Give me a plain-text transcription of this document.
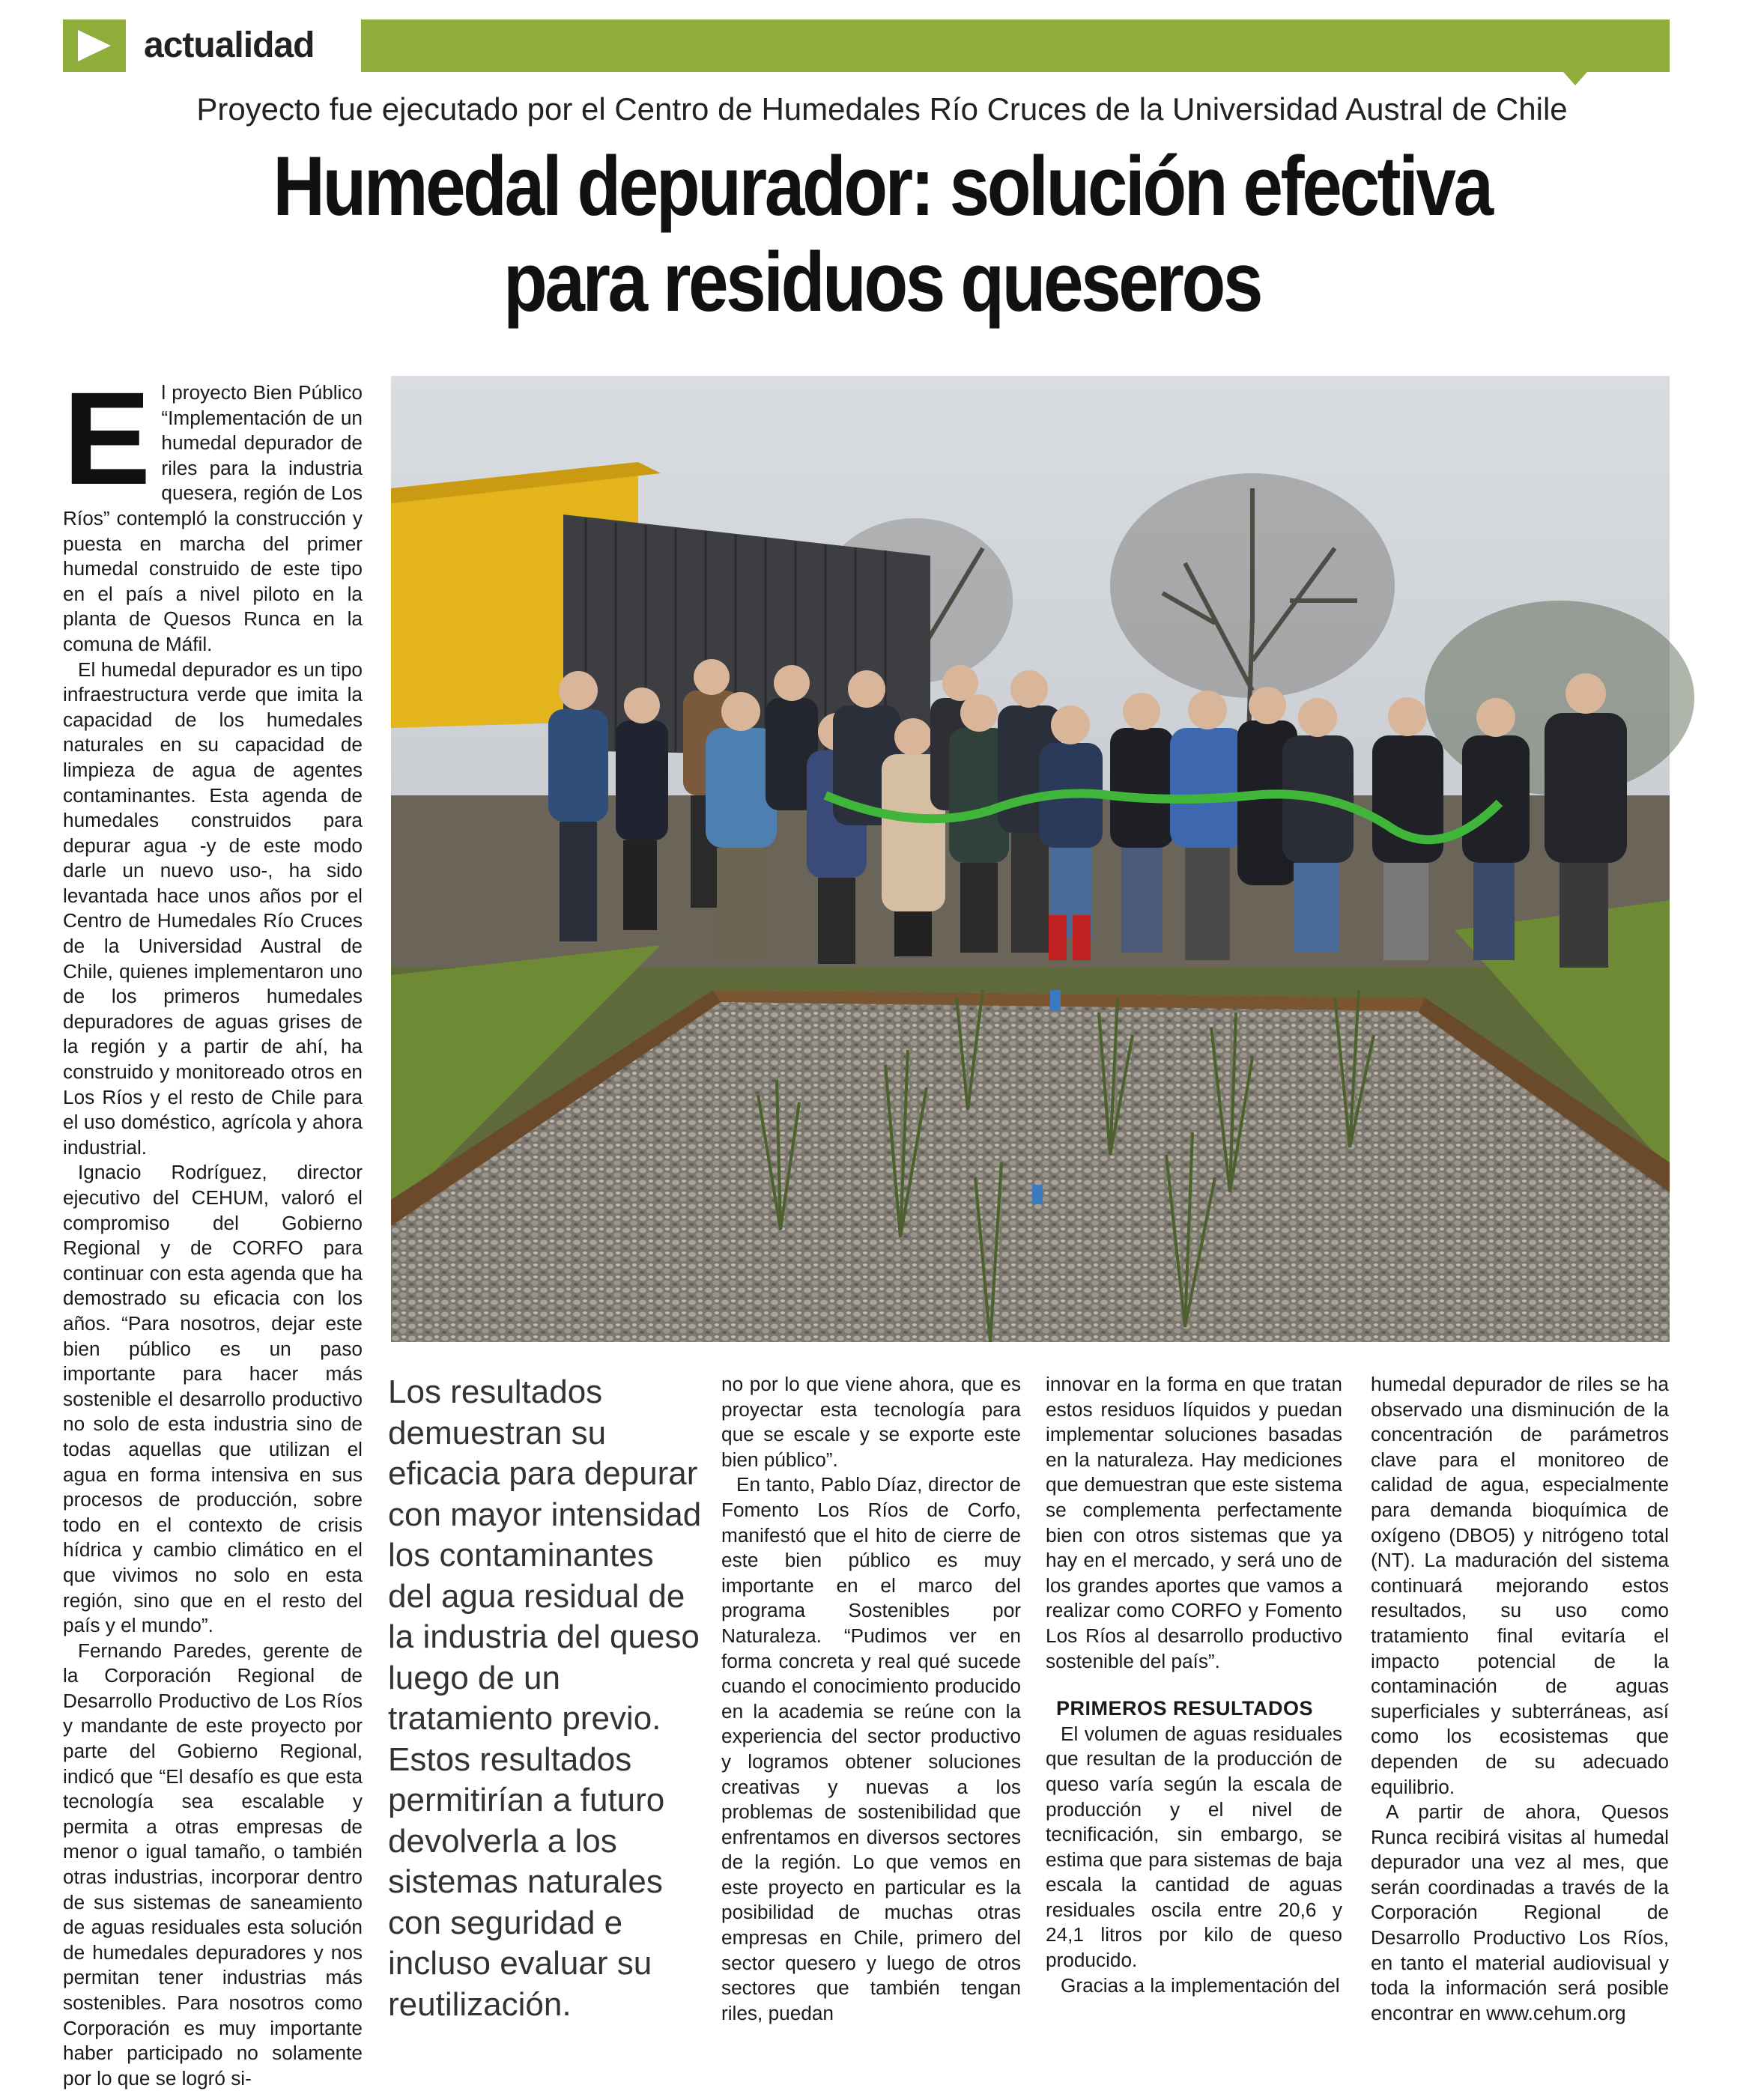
actualidad
Proyecto fue ejecutado por el Centro de Humedales Río Cruces de la Universidad Austral de Chile
Humedal depurador: solución efectiva
para residuos queseros

El proyecto Bien Público “Implementación de un humedal depurador de riles para la industria quesera, región de Los Ríos” contempló la construcción y puesta en marcha del primer humedal construido de este tipo en el país a nivel piloto en la planta de Quesos Runca en la comuna de Máfil.

El humedal depurador es un tipo infraestructura verde que imita la capacidad de los humedales naturales en su capacidad de limpieza de agua de agentes contaminantes. Esta agenda de humedales construidos para depurar agua -y de este modo darle un nuevo uso-, ha sido levantada hace unos años por el Centro de Humedales Río Cruces de la Universidad Austral de Chile, quienes implementaron uno de los primeros humedales depuradores de aguas grises de la región y a partir de ahí, ha construido y monitoreado otros en Los Ríos y el resto de Chile para el uso doméstico, agrícola y ahora industrial.

Ignacio Rodríguez, director ejecutivo del CEHUM, valoró el compromiso del Gobierno Regional y de CORFO para continuar con esta agenda que ha demostrado su eficacia con los años. “Para nosotros, dejar este bien público es un paso importante para hacer más sostenible el desarrollo productivo no solo de esta industria sino de todas aquellas que utilizan el agua en forma intensiva en sus procesos de producción, sobre todo en el contexto de crisis hídrica y cambio climático en el que vivimos no solo en esta región, sino que en el resto del país y el mundo”.

Fernando Paredes, gerente de la Corporación Regional de Desarrollo Productivo de Los Ríos y mandante de este proyecto por parte del Gobierno Regional, indicó que “El desafío es que esta tecnología sea escalable y permita a otras empresas de menor o igual tamaño, o también otras industrias, incorporar dentro de sus sistemas de saneamiento de aguas residuales esta solución de humedales depuradores y nos permitan tener industrias más sostenibles. Para nosotros como Corporación es muy importante haber participado no solamente por lo que se logró si-

Los resultados demuestran su eficacia para depurar con mayor intensidad los contaminantes del agua residual de la industria del queso luego de un tratamiento previo. Estos resultados permitirían a futuro devolverla a los sistemas naturales con seguridad e incluso evaluar su reutilización.

no por lo que viene ahora, que es proyectar esta tecnología para que se escale y se exporte este bien público”.

En tanto, Pablo Díaz, director de Fomento Los Ríos de Corfo, manifestó que el hito de cierre de este bien público es muy importante en el marco del programa Sostenibles por Naturaleza. “Pudimos ver en forma concreta y real qué sucede cuando el conocimiento producido en la academia se reúne con la experiencia del sector productivo y logramos obtener soluciones creativas y nuevas a los problemas de sostenibilidad que enfrentamos en diversos sectores de la región. Lo que vemos en este proyecto en particular es la posibilidad de muchas otras empresas en Chile, primero del sector quesero y luego de otros sectores que también tengan riles, puedan

innovar en la forma en que tratan estos residuos líquidos y puedan implementar soluciones basadas en la naturaleza. Hay mediciones que demuestran que este sistema se complementa perfectamente bien con otros sistemas que ya hay en el mercado, y será uno de los grandes aportes que vamos a realizar como CORFO y Fomento Los Ríos al desarrollo productivo sostenible del país”.

PRIMEROS RESULTADOS

El volumen de aguas residuales que resultan de la producción de queso varía según la escala de producción y el nivel de tecnificación, sin embargo, se estima que para sistemas de baja escala la cantidad de aguas residuales oscila entre 20,6 y 24,1 litros por kilo de queso producido.

Gracias a la implementación del

humedal depurador de riles se ha observado una disminución de la concentración de parámetros clave para el monitoreo de calidad de agua, especialmente para demanda bioquímica de oxígeno (DBO5) y nitrógeno total (NT). La maduración del sistema continuará mejorando estos resultados, su uso como tratamiento final evitaría el impacto potencial de la contaminación de aguas superficiales y subterráneas, así como los ecosistemas que dependen de su adecuado equilibrio.

A partir de ahora, Quesos Runca recibirá visitas al humedal depurador una vez al mes, que serán coordinadas a través de la Corporación Regional de Desarrollo Productivo Los Ríos, en tanto el material audiovisual y toda la información será posible encontrar en www.cehum.org
